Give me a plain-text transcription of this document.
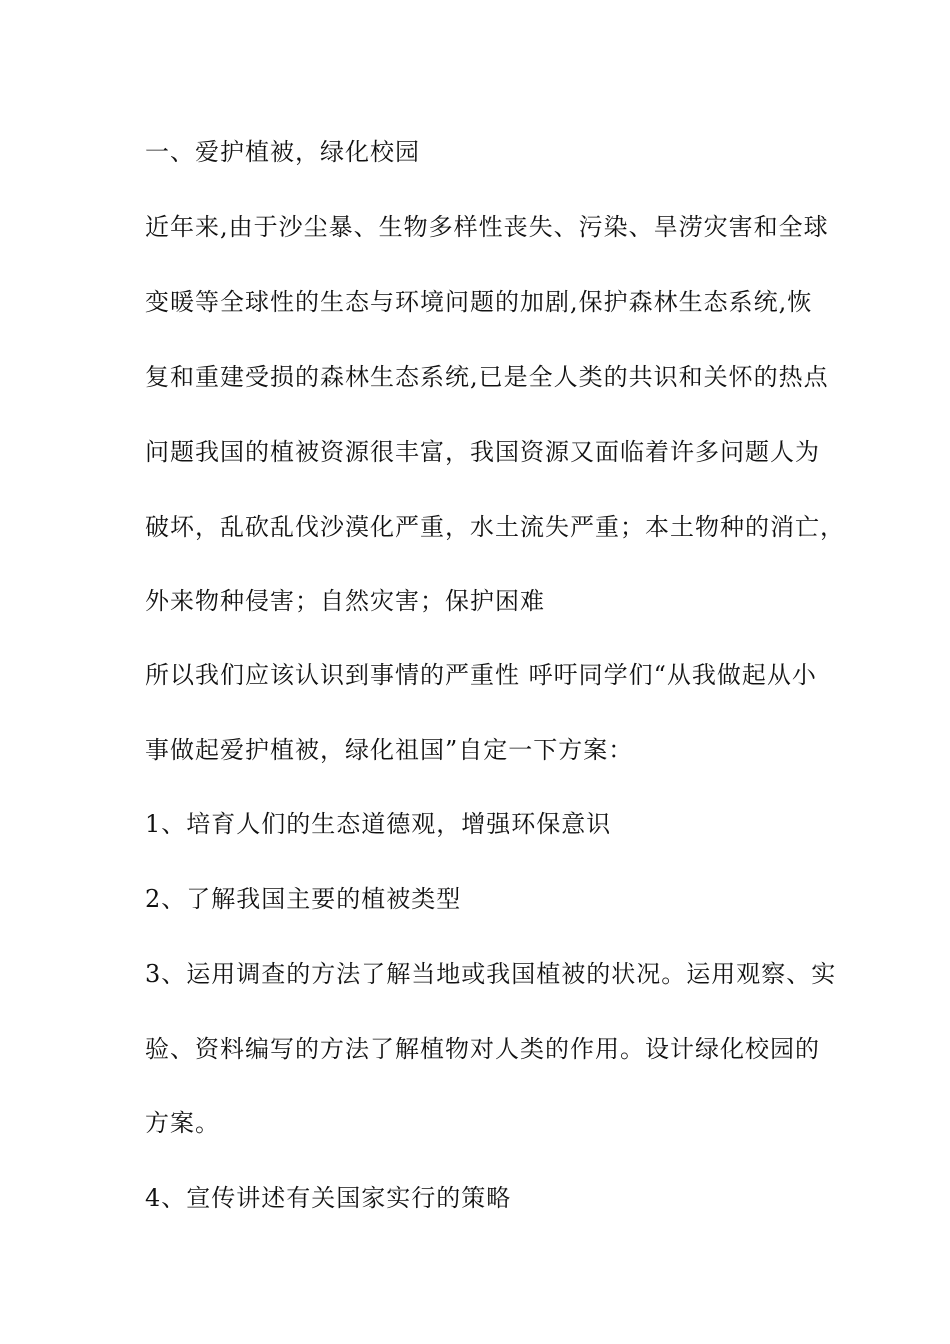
一、爱护植被，绿化校园
近年来,由于沙尘暴、生物多样性丧失、污染、旱涝灾害和全球
变暖等全球性的生态与环境问题的加剧,保护森林生态系统,恢
复和重建受损的森林生态系统,已是全人类的共识和关怀的热点
问题我国的植被资源很丰富，我国资源又面临着许多问题人为
破坏，乱砍乱伐沙漠化严重，水土流失严重；本土物种的消亡，
外来物种侵害；自然灾害；保护困难
所以我们应该认识到事情的严重性 呼吁同学们“从我做起从小
事做起爱护植被，绿化祖国”自定一下方案：
1、培育人们的生态道德观，增强环保意识
2、了解我国主要的植被类型
3、运用调查的方法了解当地或我国植被的状况。运用观察、实
验、资料编写的方法了解植物对人类的作用。设计绿化校园的
方案。
4、宣传讲述有关国家实行的策略
